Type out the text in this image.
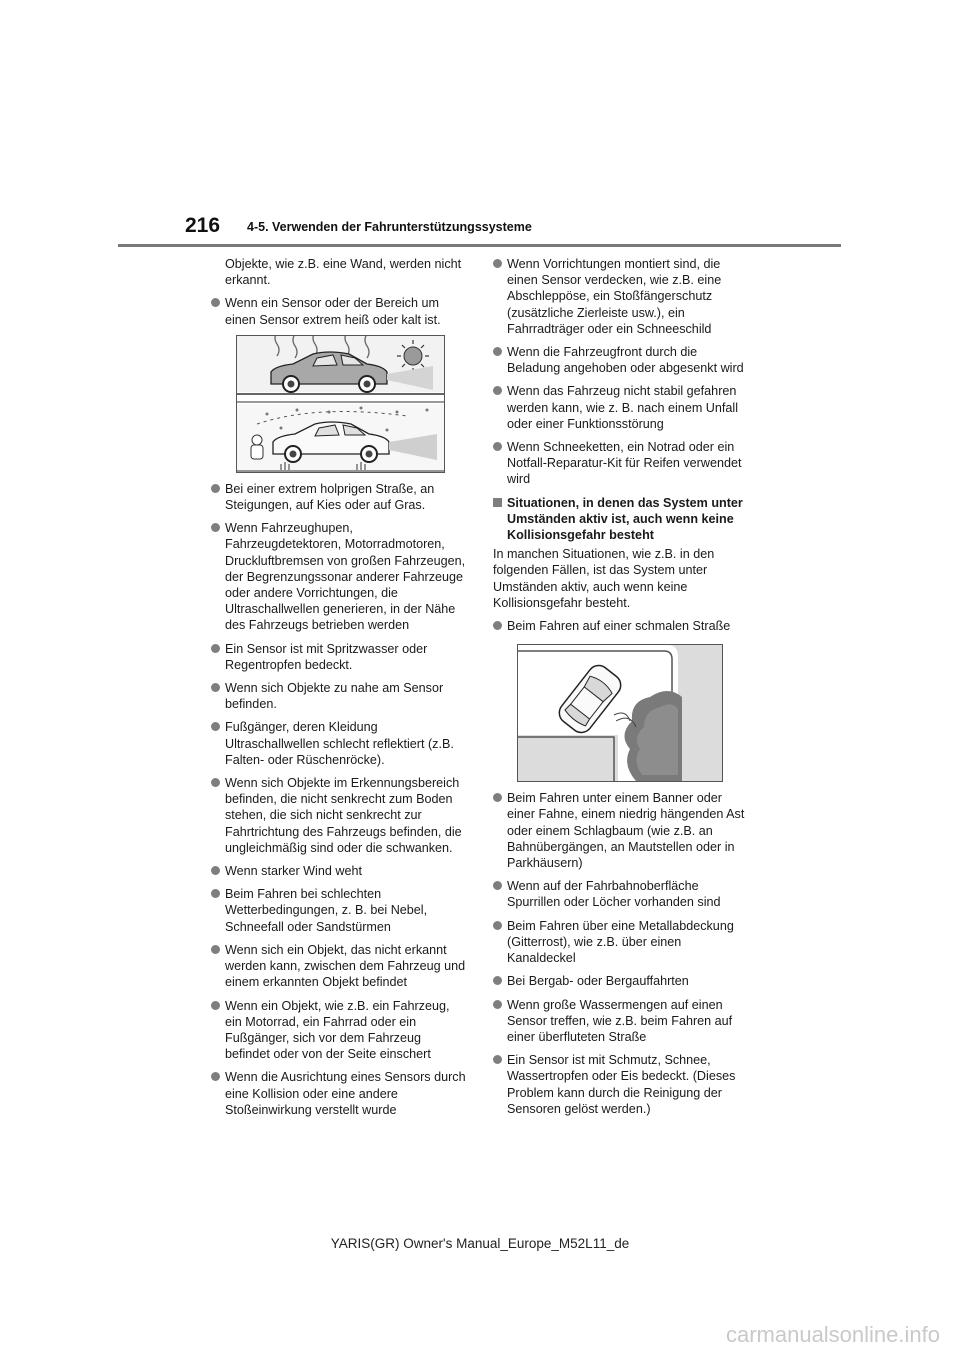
216 4-5. Verwenden der Fahrunterstützungssysteme

Objekte, wie z.B. eine Wand, werden nicht erkannt.

Wenn ein Sensor oder der Bereich um einen Sensor extrem heiß oder kalt ist.
Bei einer extrem holprigen Straße, an Steigungen, auf Kies oder auf Gras.
Wenn Fahrzeughupen, Fahrzeugdetektoren, Motorradmotoren, Druckluftbremsen von großen Fahrzeugen, der Begrenzungssonar anderer Fahrzeuge oder andere Vorrichtungen, die Ultraschallwellen generieren, in der Nähe des Fahrzeugs betrieben werden
Ein Sensor ist mit Spritzwasser oder Regentropfen bedeckt.
Wenn sich Objekte zu nahe am Sensor befinden.
Fußgänger, deren Kleidung Ultraschallwellen schlecht reflektiert (z.B. Falten- oder Rüschenröcke).
Wenn sich Objekte im Erkennungsbereich befinden, die nicht senkrecht zum Boden stehen, die sich nicht senkrecht zur Fahrtrichtung des Fahrzeugs befinden, die ungleichmäßig sind oder die schwanken.
Wenn starker Wind weht
Beim Fahren bei schlechten Wetterbedingungen, z. B. bei Nebel, Schneefall oder Sandstürmen
Wenn sich ein Objekt, das nicht erkannt werden kann, zwischen dem Fahrzeug und einem erkannten Objekt befindet
Wenn ein Objekt, wie z.B. ein Fahrzeug, ein Motorrad, ein Fahrrad oder ein Fußgänger, sich vor dem Fahrzeug befindet oder von der Seite einschert
Wenn die Ausrichtung eines Sensors durch eine Kollision oder eine andere Stoßeinwirkung verstellt wurde
Wenn Vorrichtungen montiert sind, die einen Sensor verdecken, wie z.B. eine Abschleppöse, ein Stoßfängerschutz (zusätzliche Zierleiste usw.), ein Fahrradträger oder ein Schneeschild
Wenn die Fahrzeugfront durch die Beladung angehoben oder abgesenkt wird
Wenn das Fahrzeug nicht stabil gefahren werden kann, wie z. B. nach einem Unfall oder einer Funktionsstörung
Wenn Schneeketten, ein Notrad oder ein Notfall-Reparatur-Kit für Reifen verwendet wird
Situationen, in denen das System unter Umständen aktiv ist, auch wenn keine Kollisionsgefahr besteht

In manchen Situationen, wie z.B. in den folgenden Fällen, ist das System unter Umständen aktiv, auch wenn keine Kollisionsgefahr besteht.

Beim Fahren auf einer schmalen Straße
Beim Fahren unter einem Banner oder einer Fahne, einem niedrig hängenden Ast oder einem Schlagbaum (wie z.B. an Bahnübergängen, an Mautstellen oder in Parkhäusern)
Wenn auf der Fahrbahnoberfläche Spurrillen oder Löcher vorhanden sind
Beim Fahren über eine Metallabdeckung (Gitterrost), wie z.B. über einen Kanaldeckel
Bei Bergab- oder Bergauffahrten
Wenn große Wassermengen auf einen Sensor treffen, wie z.B. beim Fahren auf einer überfluteten Straße
Ein Sensor ist mit Schmutz, Schnee, Wassertropfen oder Eis bedeckt. (Dieses Problem kann durch die Reinigung der Sensoren gelöst werden.)
YARIS(GR) Owner's Manual_Europe_M52L11_de
carmanualsonline.info
